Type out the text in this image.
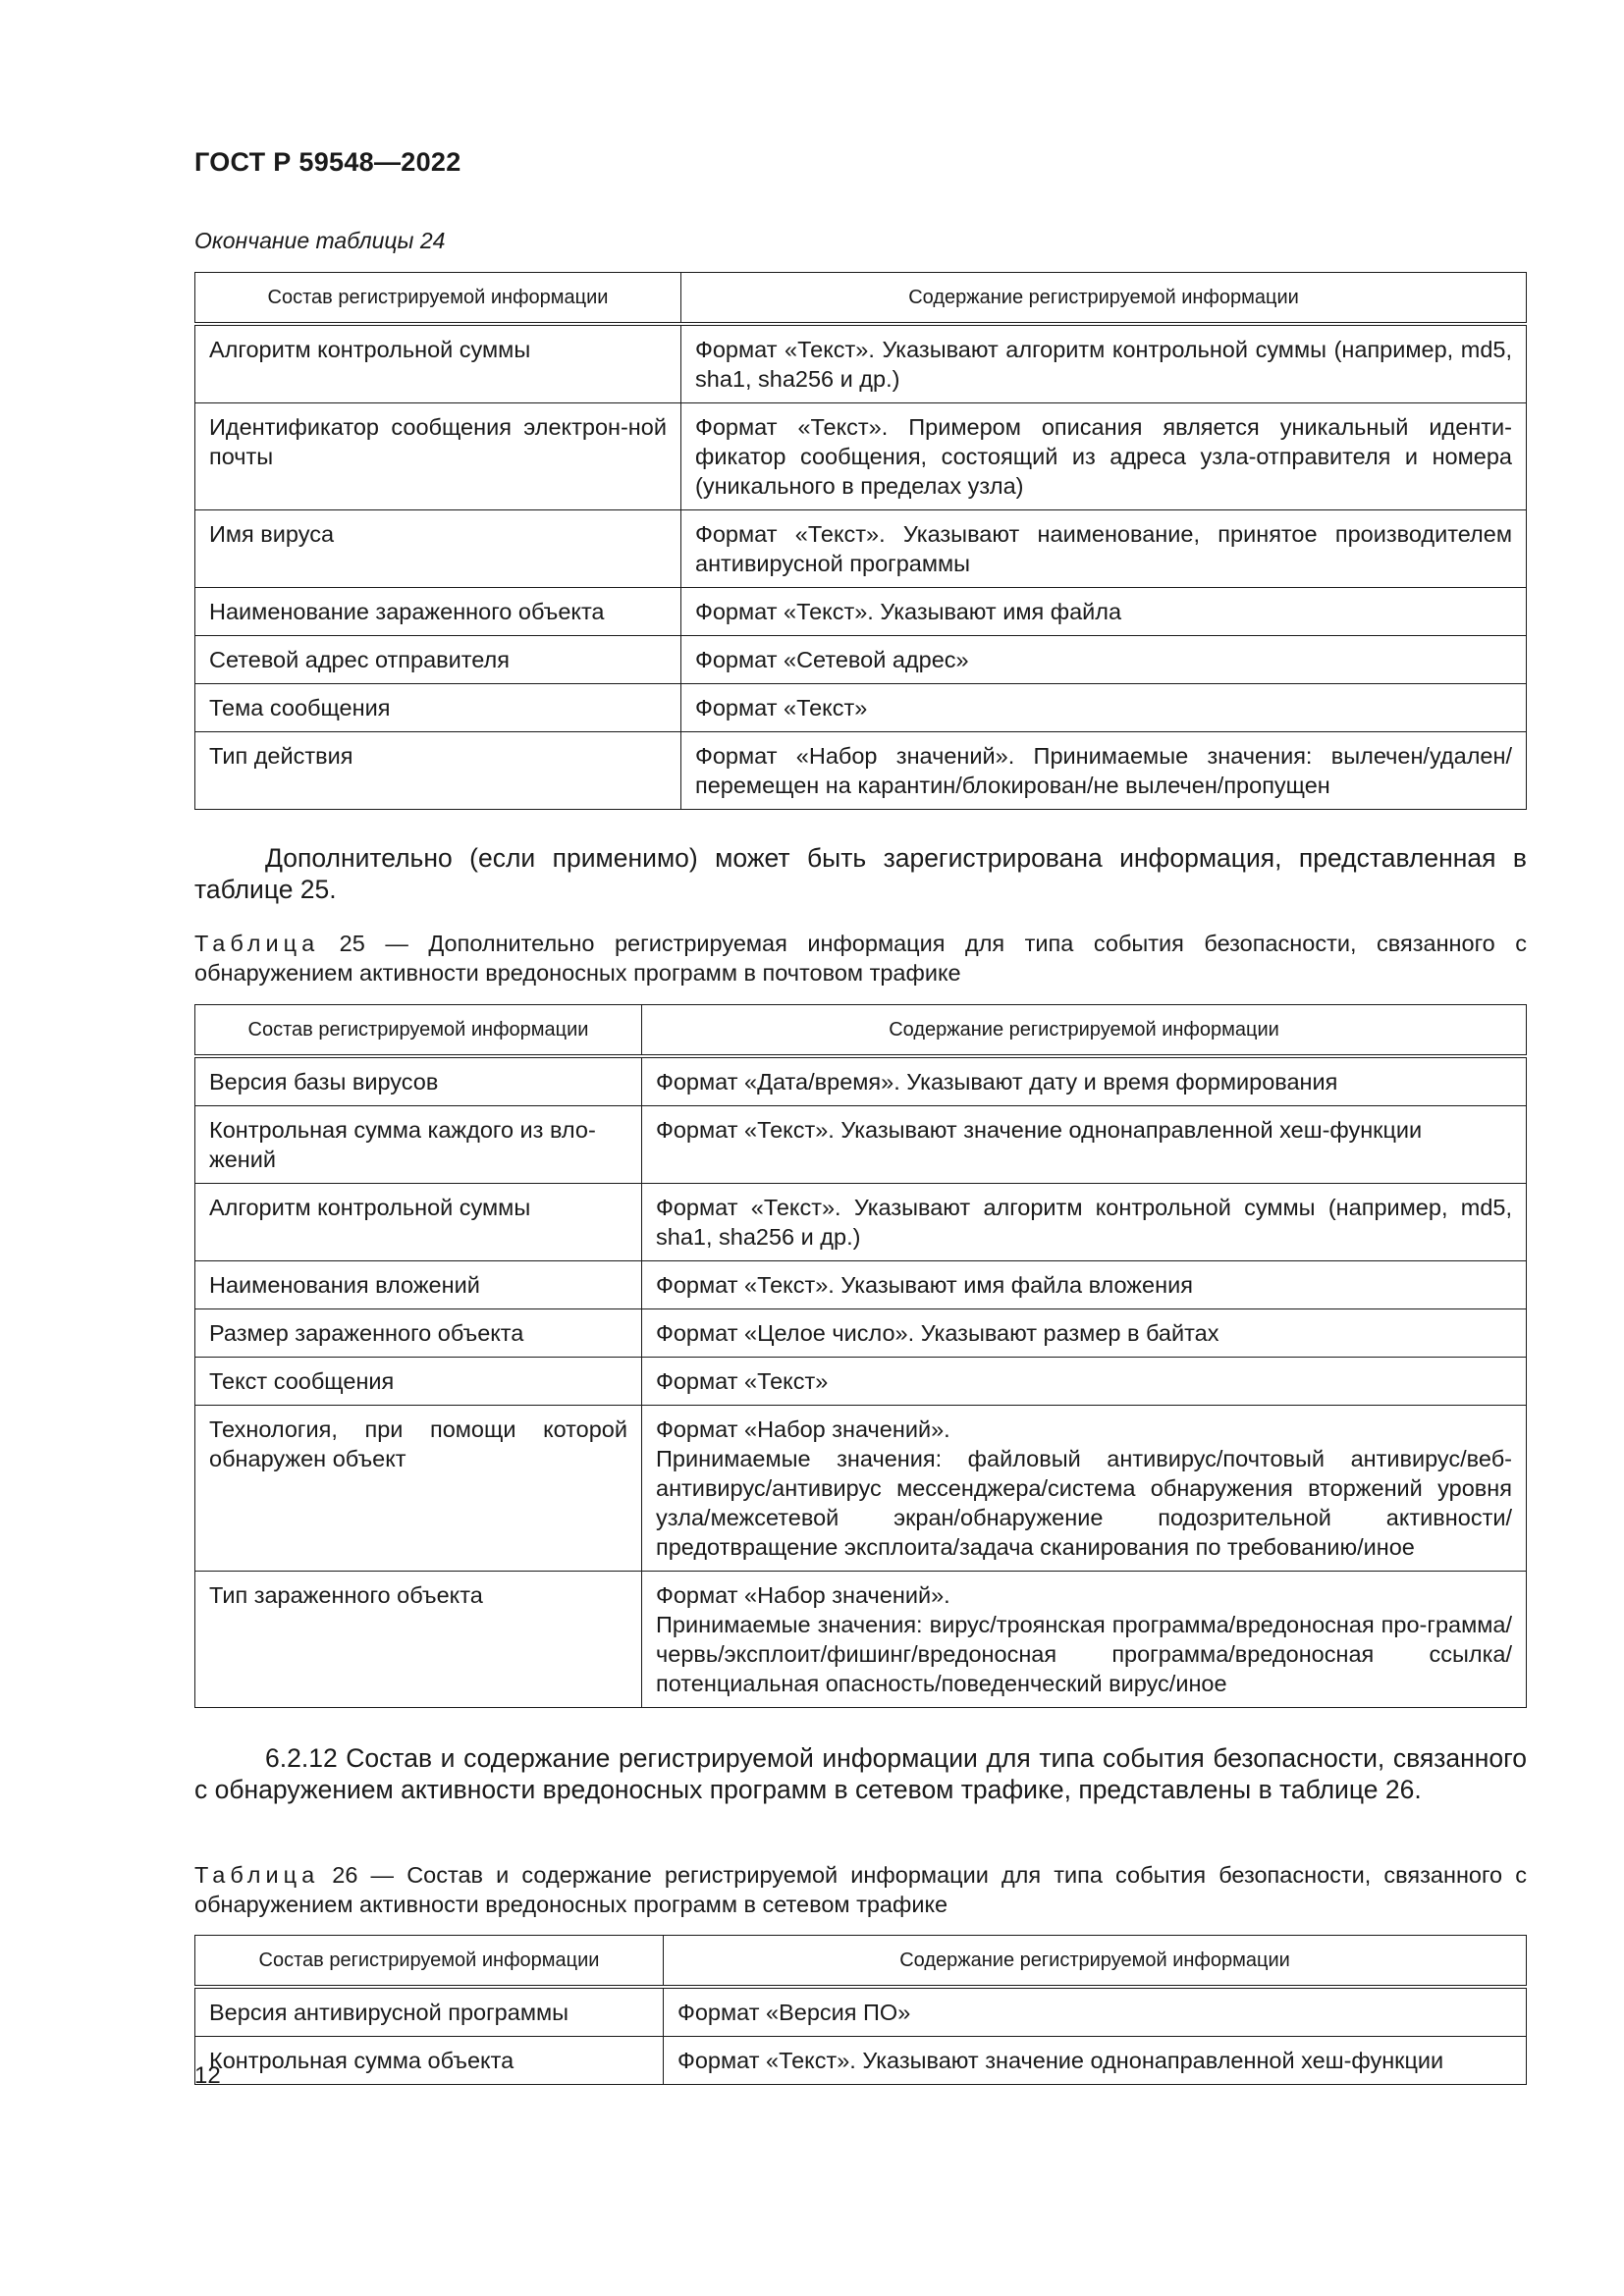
ГОСТ Р 59548—2022
Окончание таблицы 24
Состав регистрируемой информации	Содержание регистрируемой информации
Алгоритм контрольной суммы	Формат «Текст». Указывают алгоритм контрольной суммы (например, md5, sha1, sha256 и др.)
Идентификатор сообщения электрон-ной почты	Формат «Текст». Примером описания является уникальный иденти-фикатор сообщения, состоящий из адреса узла-отправителя и номера (уникального в пределах узла)
Имя вируса	Формат «Текст». Указывают наименование, принятое производителем антивирусной программы
Наименование зараженного объекта	Формат «Текст». Указывают имя файла
Сетевой адрес отправителя	Формат «Сетевой адрес»
Тема сообщения	Формат «Текст»
Тип действия	Формат «Набор значений». Принимаемые значения: вылечен/удален/перемещен на карантин/блокирован/не вылечен/пропущен
Дополнительно (если применимо) может быть зарегистрирована информация, представленная в таблице 25.
Таблица 25 — Дополнительно регистрируемая информация для типа события безопасности, связанного с обнаружением активности вредоносных программ в почтовом трафике
Состав регистрируемой информации	Содержание регистрируемой информации
Версия базы вирусов	Формат «Дата/время». Указывают дату и время формирования
Контрольная сумма каждого из вло-жений	Формат «Текст». Указывают значение однонаправленной хеш-функции
Алгоритм контрольной суммы	Формат «Текст». Указывают алгоритм контрольной суммы (например, md5, sha1, sha256 и др.)
Наименования вложений	Формат «Текст». Указывают имя файла вложения
Размер зараженного объекта	Формат «Целое число». Указывают размер в байтах
Текст сообщения	Формат «Текст»
Технология, при помощи которой обнаружен объект	Формат «Набор значений».
Принимаемые значения: файловый антивирус/почтовый антивирус/веб-антивирус/антивирус мессенджера/система обнаружения вторжений уровня узла/межсетевой экран/обнаружение подозрительной активности/предотвращение эксплоита/задача сканирования по требованию/иное

Тип зараженного объекта	Формат «Набор значений».
Принимаемые значения: вирус/троянская программа/вредоносная про-грамма/червь/эксплоит/фишинг/вредоносная программа/вредоносная ссылка/потенциальная опасность/поведенческий вирус/иное
6.2.12 Состав и содержание регистрируемой информации для типа события безопасности, связанного с обнаружением активности вредоносных программ в сетевом трафике, представлены в таблице 26.
Таблица 26 — Состав и содержание регистрируемой информации для типа события безопасности, связанного с обнаружением активности вредоносных программ в сетевом трафике
Состав регистрируемой информации	Содержание регистрируемой информации
Версия антивирусной программы	Формат «Версия ПО»
Контрольная сумма объекта	Формат «Текст». Указывают значение однонаправленной хеш-функции
12
